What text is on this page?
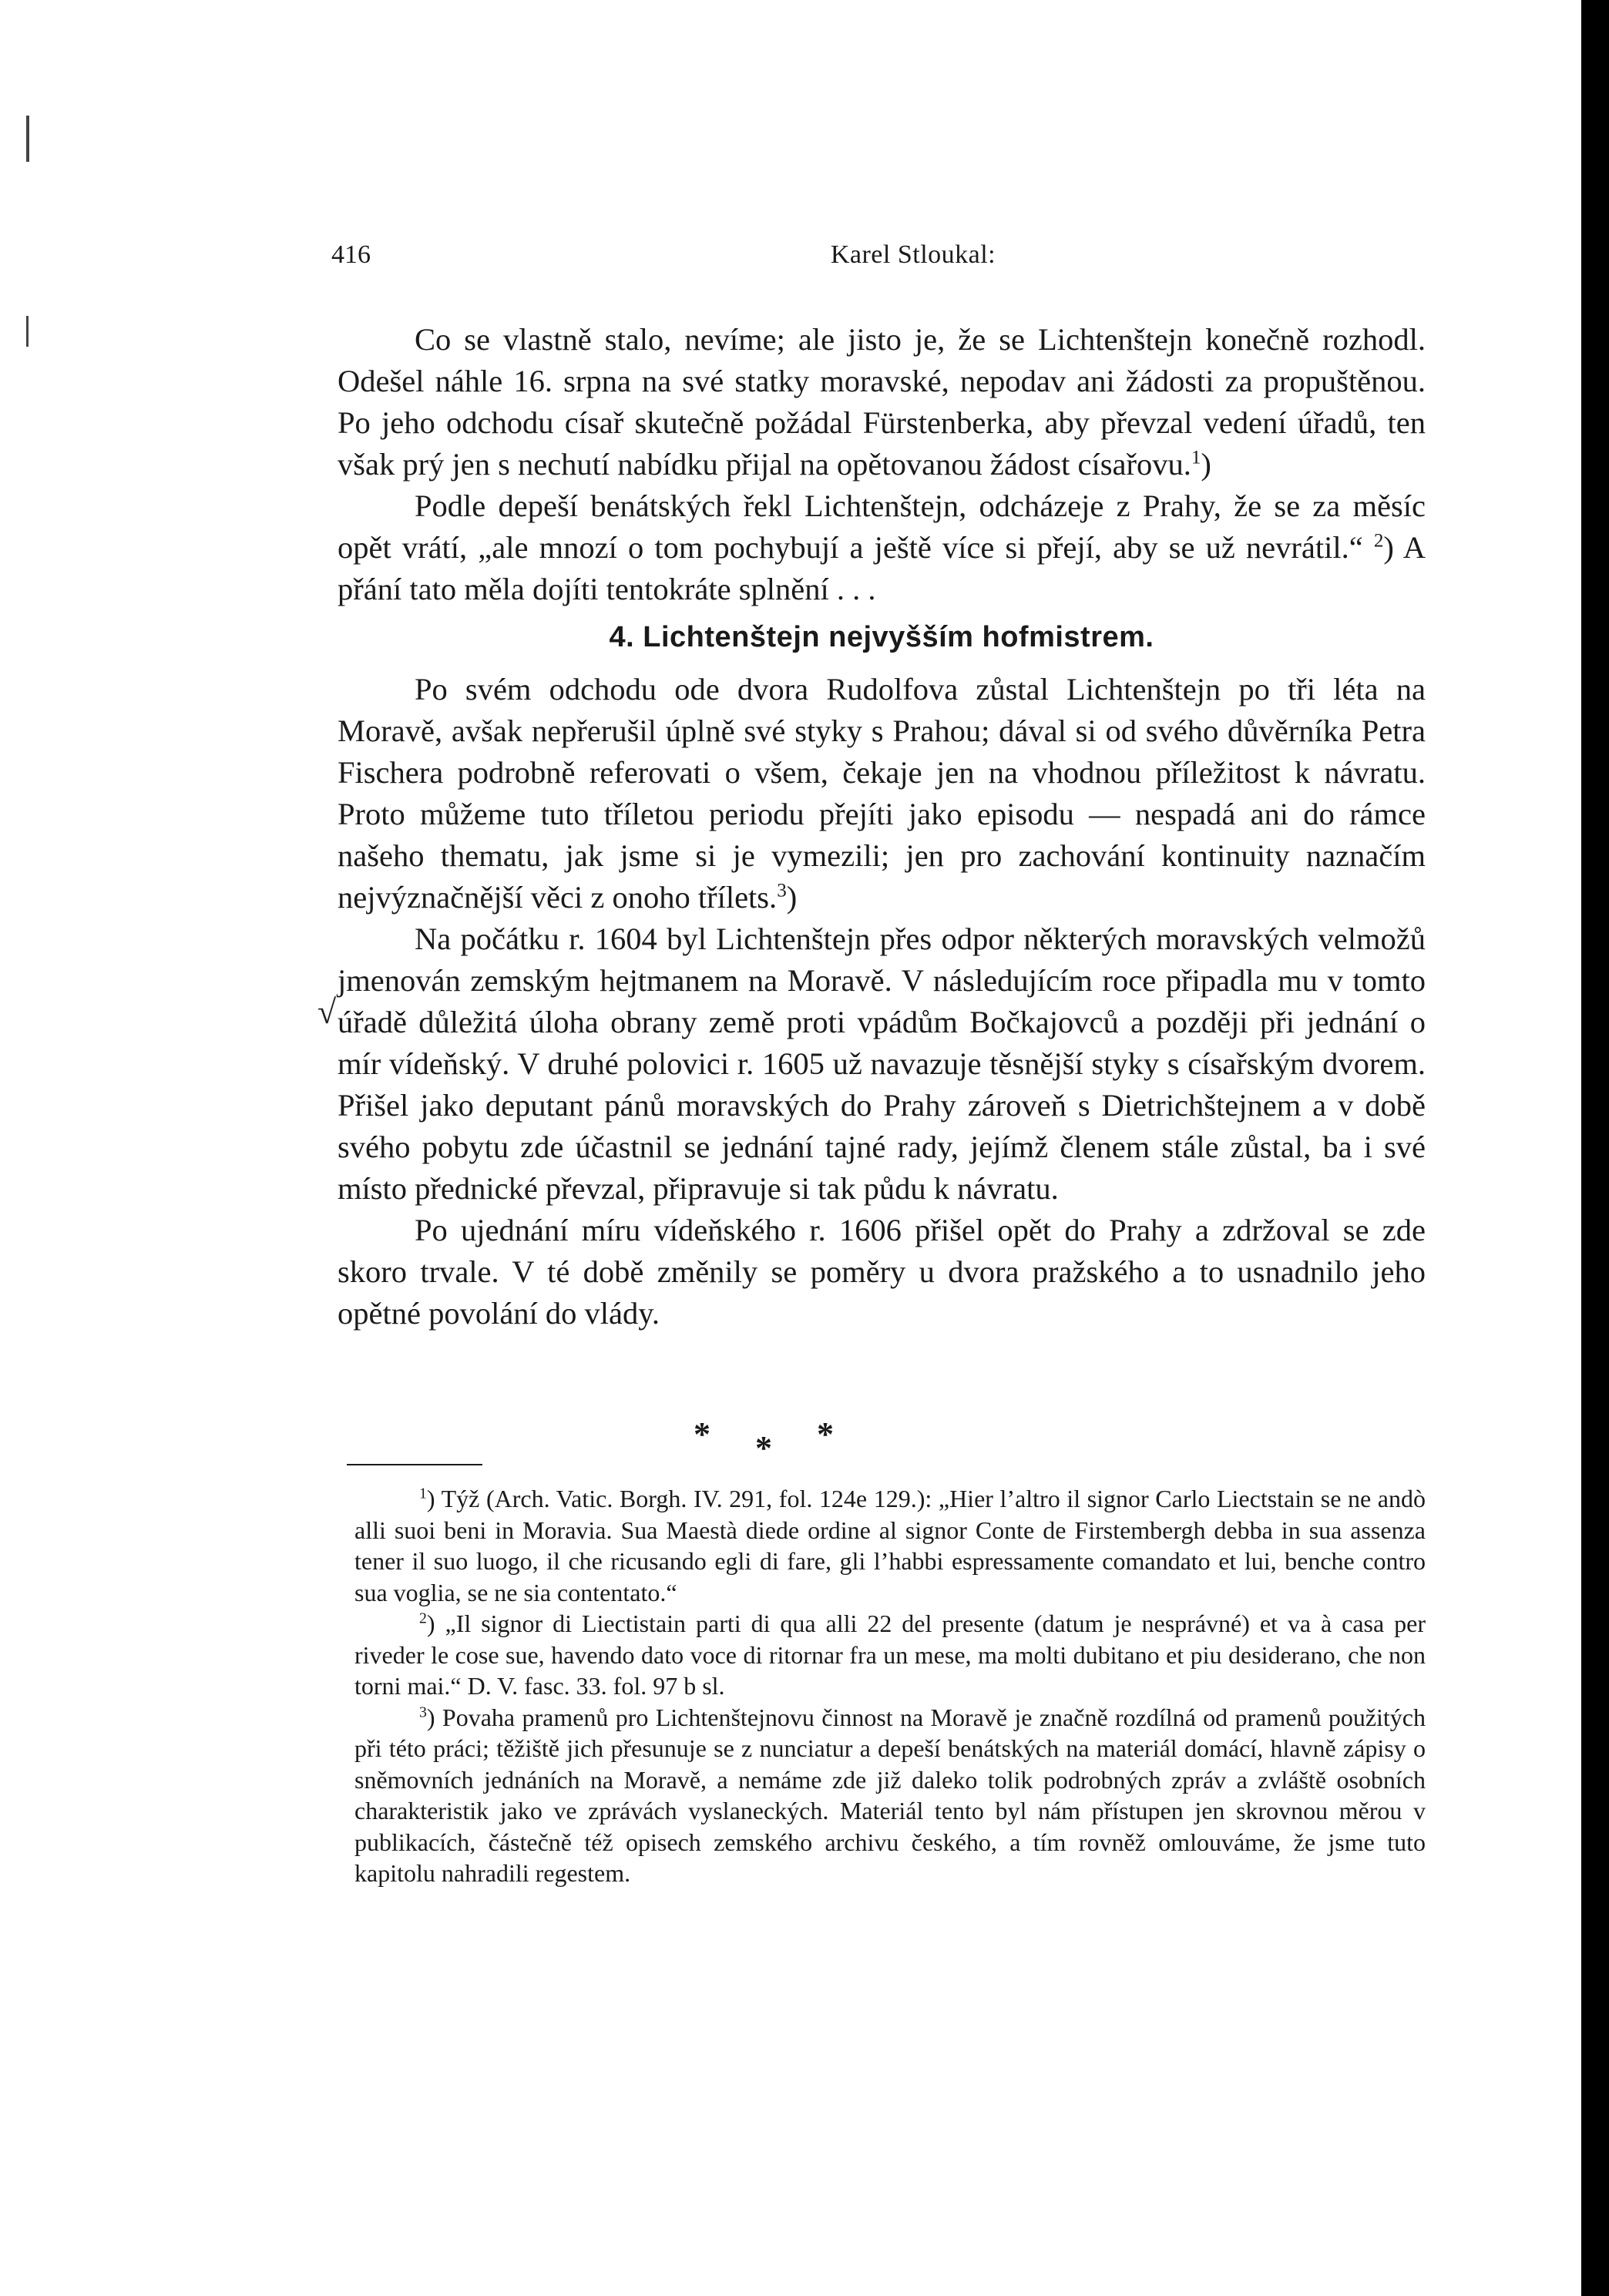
416	Karel Stloukal:

Co se vlastně stalo, nevíme; ale jisto je, že se Lichtenštejn konečně rozhodl. Odešel náhle 16. srpna na své statky moravské, nepodav ani žádosti za propuštěnou. Po jeho odchodu císař skutečně požádal Fürstenberka, aby převzal vedení úřadů, ten však prý jen s nechutí nabídku přijal na opětovanou žádost císařovu.$^1$)

Podle depeší benátských řekl Lichtenštejn, odcházeje z Prahy, že se za měsíc opět vrátí, „ale mnozí o tom pochybují a ještě více si přejí, aby se už nevrátil.“ $^2$) A přání tato měla dojíti tentokráte splnění . . .

4. Lichtenštejn nejvyšším hofmistrem.

Po svém odchodu ode dvora Rudolfova zůstal Lichtenštejn po tři léta na Moravě, avšak nepřerušil úplně své styky s Prahou; dával si od svého důvěrníka Petra Fischera podrobně referovati o všem, čekaje jen na vhodnou příležitost k návratu. Proto můžeme tuto tříletou periodu přejíti jako episodu — nespadá ani do rámce našeho thematu, jak jsme si je vymezili; jen pro zachování kontinuity naznačím nejvýznačnější věci z onoho třílets.$^3$)

Na počátku r. 1604 byl Lichtenštejn přes odpor některých moravských velmožů jmenován zemským hejtmanem na Moravě. V následujícím roce připadla mu v tomto úřadě důležitá úloha obrany země proti vpádům Bočkajovců a později při jednání o mír vídeňský. V druhé polovici r. 1605 už navazuje těsnější styky s císařským dvorem. Přišel jako deputant pánů moravských do Prahy zároveň s Dietrichštejnem a v době svého pobytu zde účastnil se jednání tajné rady, jejímž členem stále zůstal, ba i své místo přednické převzal, připravuje si tak půdu k návratu.

Po ujednání míru vídeňského r. 1606 přišel opět do Prahy a zdržoval se zde skoro trvale. V té době změnily se poměry u dvora pražského a to usnadnilo jeho opětné povolání do vlády.

√
* * *

$^1$) Týž (Arch. Vatic. Borgh. IV. 291, fol. 124e 129.): „Hier l’altro il signor Carlo Liectstain se ne andò alli suoi beni in Moravia. Sua Maestà diede ordine al signor Conte de Firstembergh debba in sua assenza tener il suo luogo, il che ricusando egli di fare, gli l’habbi espressamente comandato et lui, benche contro sua voglia, se ne sia contentato.“

$^2$) „Il signor di Liectistain parti di qua alli 22 del presente (datum je nesprávné) et va à casa per riveder le cose sue, havendo dato voce di ritornar fra un mese, ma molti dubitano et piu desiderano, che non torni mai.“ D. V. fasc. 33. fol. 97 b sl.

$^3$) Povaha pramenů pro Lichtenštejnovu činnost na Moravě je značně rozdílná od pramenů použitých při této práci; těžiště jich přesunuje se z nunciatur a depeší benátských na materiál domácí, hlavně zápisy o sněmovních jednáních na Moravě, a nemáme zde již daleko tolik podrobných zpráv a zvláště osobních charakteristik jako ve zprávách vyslaneckých. Materiál tento byl nám přístupen jen skrovnou měrou v publikacích, částečně též opisech zemského archivu českého, a tím rovněž omlouváme, že jsme tuto kapitolu nahradili regestem.
